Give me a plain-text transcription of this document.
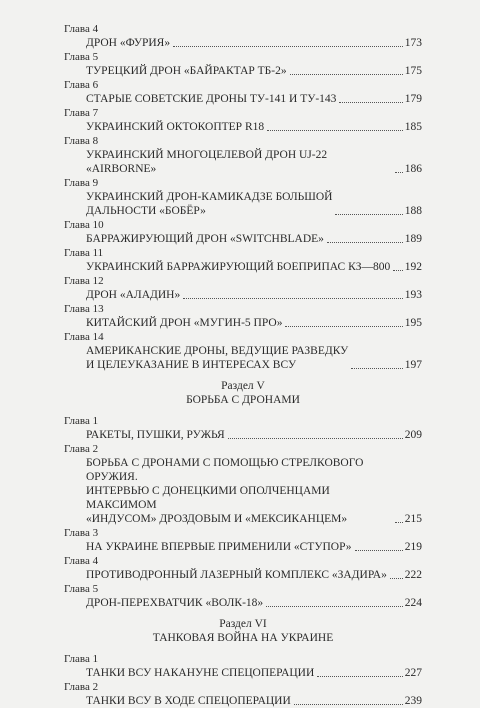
Глава 4
ДРОН «ФУРИЯ»	173
Глава 5
ТУРЕЦКИЙ ДРОН «БАЙРАКТАР ТБ-2»	175
Глава 6
СТАРЫЕ СОВЕТСКИЕ ДРОНЫ ТУ-141 И ТУ-143	179
Глава 7
УКРАИНСКИЙ ОКТОКОПТЕР R18	185
Глава 8
УКРАИНСКИЙ МНОГОЦЕЛЕВОЙ ДРОН UJ-22 «AIRBORNE»	186
Глава 9
УКРАИНСКИЙ ДРОН-КАМИКАДЗЕ БОЛЬШОЙ
ДАЛЬНОСТИ «БОБЁР»	188
Глава 10
БАРРАЖИРУЮЩИЙ ДРОН «SWITCHBLADE»	189
Глава 11
УКРАИНСКИЙ БАРРАЖИРУЮЩИЙ БОЕПРИПАС КЗ—800 192
Глава 12
ДРОН «АЛАДИН»	193
Глава 13
КИТАЙСКИЙ ДРОН «МУГИН-5 ПРО»	195
Глава 14
АМЕРИКАНСКИЕ ДРОНЫ, ВЕДУЩИЕ РАЗВЕДКУ
И ЦЕЛЕУКАЗАНИЕ В ИНТЕРЕСАХ ВСУ	197
Раздел V
БОРЬБА С ДРОНАМИ
Глава 1
РАКЕТЫ, ПУШКИ, РУЖЬЯ	209
Глава 2
БОРЬБА С ДРОНАМИ С ПОМОЩЬЮ СТРЕЛКОВОГО ОРУЖИЯ.
ИНТЕРВЬЮ С ДОНЕЦКИМИ ОПОЛЧЕНЦАМИ МАКСИМОМ
«ИНДУСОМ» ДРОЗДОВЫМ И «МЕКСИКАНЦЕМ»	215
Глава 3
НА УКРАИНЕ ВПЕРВЫЕ ПРИМЕНИЛИ «СТУПОР»	219
Глава 4
ПРОТИВОДРОННЫЙ ЛАЗЕРНЫЙ КОМПЛЕКС «ЗАДИРА» 222
Глава 5
ДРОН-ПЕРЕХВАТЧИК «ВОЛК-18»	224
Раздел VI
ТАНКОВАЯ ВОЙНА НА УКРАИНЕ
Глава 1
ТАНКИ ВСУ НАКАНУНЕ СПЕЦОПЕРАЦИИ	227
Глава 2
ТАНКИ ВСУ В ХОДЕ СПЕЦОПЕРАЦИИ	239
